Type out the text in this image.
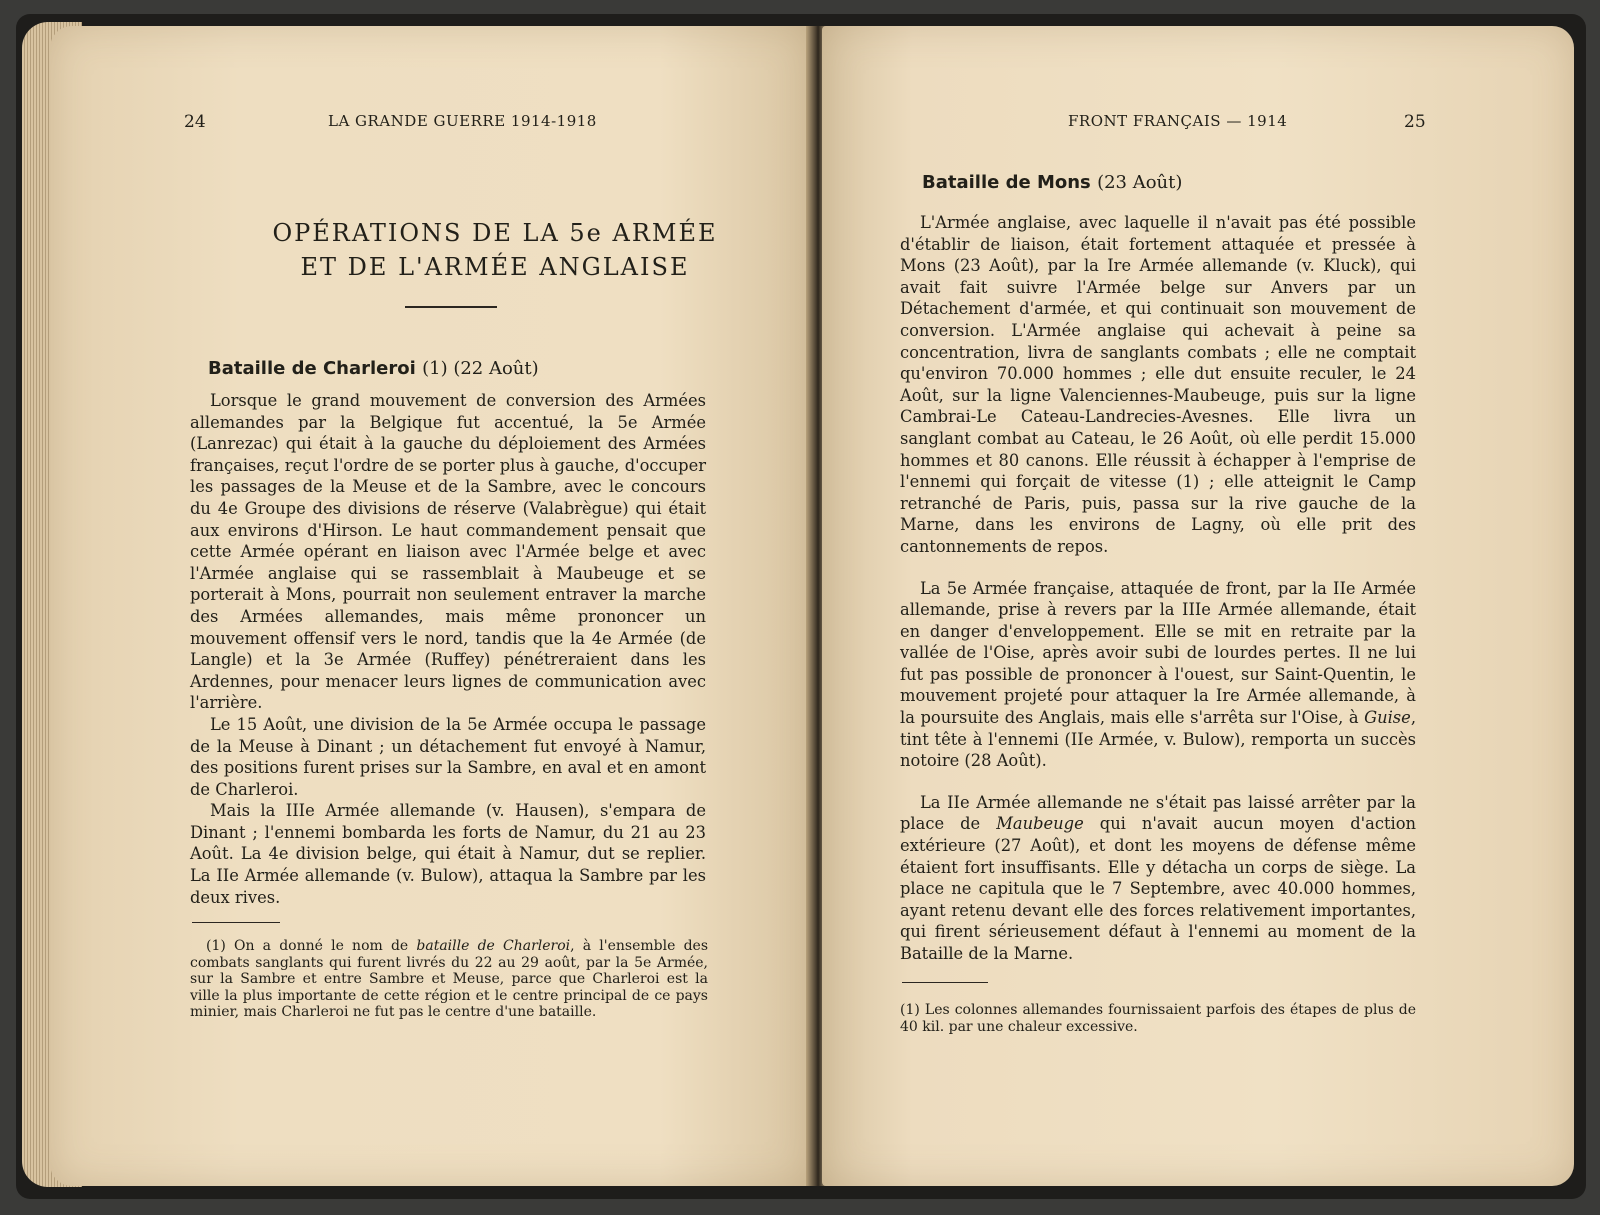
24	LA GRANDE GUERRE 1914-1918
OPÉRATIONS DE LA 5e ARMÉE
ET DE L'ARMÉE ANGLAISE
Bataille de Charleroi (1) (22 Août)

Lorsque le grand mouvement de conversion des Armées allemandes par la Belgique fut accentué, la 5e Armée (Lanrezac) qui était à la gauche du déploiement des Armées françaises, reçut l'ordre de se porter plus à gauche, d'occuper les passages de la Meuse et de la Sambre, avec le concours du 4e Groupe des divisions de réserve (Valabrègue) qui était aux environs d'Hirson. Le haut commandement pensait que cette Armée opérant en liaison avec l'Armée belge et avec l'Armée anglaise qui se rassemblait à Maubeuge et se porterait à Mons, pourrait non seulement entraver la marche des Armées allemandes, mais même prononcer un mouvement offensif vers le nord, tandis que la 4e Armée (de Langle) et la 3e Armée (Ruffey) pénétreraient dans les Ardennes, pour menacer leurs lignes de communication avec l'arrière.

Le 15 Août, une division de la 5e Armée occupa le passage de la Meuse à Dinant ; un détachement fut envoyé à Namur, des positions furent prises sur la Sambre, en aval et en amont de Charleroi.

Mais la IIIe Armée allemande (v. Hausen), s'empara de Dinant ; l'ennemi bombarda les forts de Namur, du 21 au 23 Août. La 4e division belge, qui était à Namur, dut se replier. La IIe Armée allemande (v. Bulow), attaqua la Sambre par les deux rives.

(1) On a donné le nom de bataille de Charleroi, à l'ensemble des combats sanglants qui furent livrés du 22 au 29 août, par la 5e Armée, sur la Sambre et entre Sambre et Meuse, parce que Charleroi est la ville la plus importante de cette région et le centre principal de ce pays minier, mais Charleroi ne fut pas le centre d'une bataille.

FRONT FRANÇAIS — 1914	25
Bataille de Mons (23 Août)

L'Armée anglaise, avec laquelle il n'avait pas été possible d'établir de liaison, était fortement attaquée et pressée à Mons (23 Août), par la Ire Armée allemande (v. Kluck), qui avait fait suivre l'Armée belge sur Anvers par un Détachement d'armée, et qui continuait son mouvement de conversion. L'Armée anglaise qui achevait à peine sa concentration, livra de sanglants combats ; elle ne comptait qu'environ 70.000 hommes ; elle dut ensuite reculer, le 24 Août, sur la ligne Valenciennes-Maubeuge, puis sur la ligne Cambrai-Le Cateau-Landrecies-Avesnes. Elle livra un sanglant combat au Cateau, le 26 Août, où elle perdit 15.000 hommes et 80 canons. Elle réussit à échapper à l'emprise de l'ennemi qui forçait de vitesse (1) ; elle atteignit le Camp retranché de Paris, puis, passa sur la rive gauche de la Marne, dans les environs de Lagny, où elle prit des cantonnements de repos.

La 5e Armée française, attaquée de front, par la IIe Armée allemande, prise à revers par la IIIe Armée allemande, était en danger d'enveloppement. Elle se mit en retraite par la vallée de l'Oise, après avoir subi de lourdes pertes. Il ne lui fut pas possible de prononcer à l'ouest, sur Saint-Quentin, le mouvement projeté pour attaquer la Ire Armée allemande, à la poursuite des Anglais, mais elle s'arrêta sur l'Oise, à Guise, tint tête à l'ennemi (IIe Armée, v. Bulow), remporta un succès notoire (28 Août).

La IIe Armée allemande ne s'était pas laissé arrêter par la place de Maubeuge qui n'avait aucun moyen d'action extérieure (27 Août), et dont les moyens de défense même étaient fort insuffisants. Elle y détacha un corps de siège. La place ne capitula que le 7 Septembre, avec 40.000 hommes, ayant retenu devant elle des forces relativement importantes, qui firent sérieusement défaut à l'ennemi au moment de la Bataille de la Marne.

(1) Les colonnes allemandes fournissaient parfois des étapes de plus de 40 kil. par une chaleur excessive.
